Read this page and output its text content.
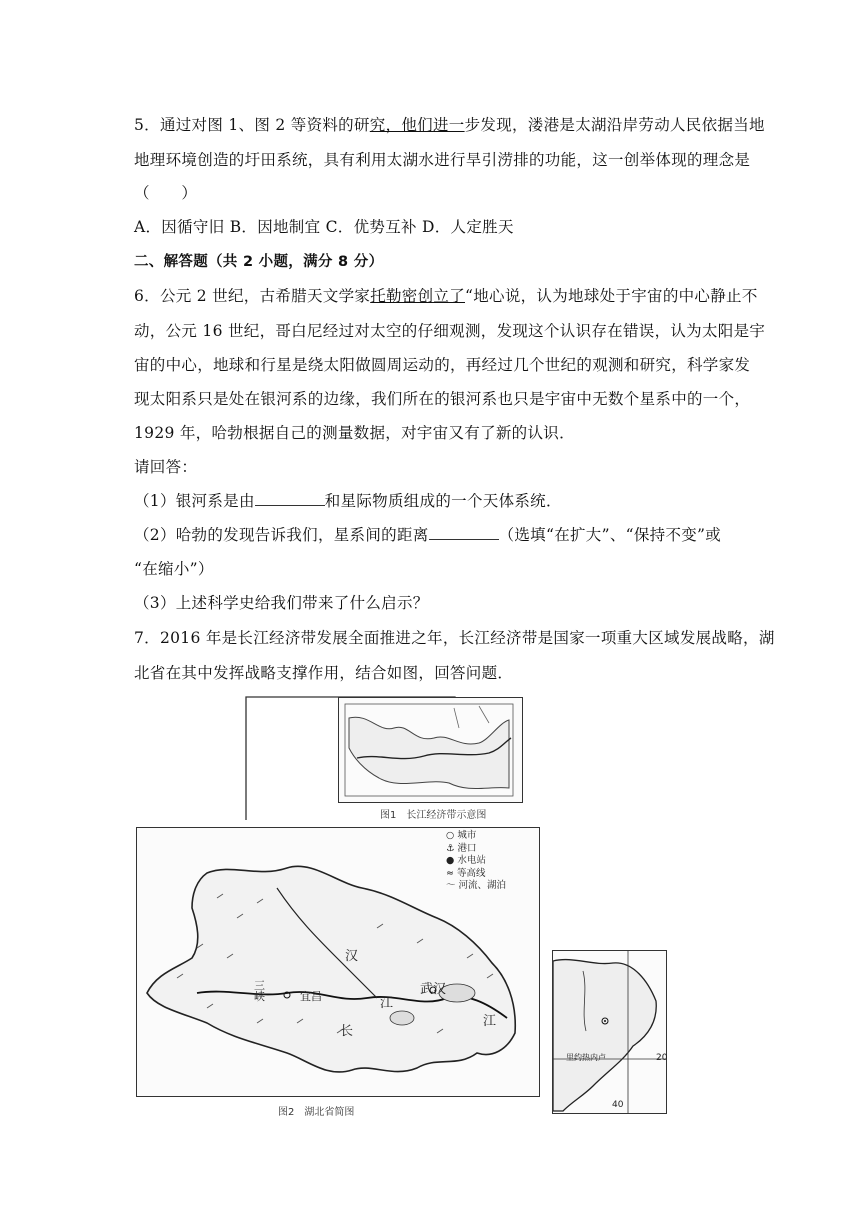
5．通过对图 1、图 2 等资料的研究，他们进一步发现，溇港是太湖沿岸劳动人民依据当地
地理环境创造的圩田系统，具有利用太湖水进行旱引涝排的功能，这一创举体现的理念是
（　　）
A．因循守旧 B．因地制宜 C．优势互补 D．人定胜天
二、解答题（共 2 小题，满分 8 分）
6．公元 2 世纪，古希腊天文学家托勒密创立了“地心说，认为地球处于宇宙的中心静止不
动，公元 16 世纪，哥白尼经过对太空的仔细观测，发现这个认识存在错误，认为太阳是宇
宙的中心，地球和行星是绕太阳做圆周运动的，再经过几个世纪的观测和研究，科学家发
现太阳系只是处在银河系的边缘，我们所在的银河系也只是宇宙中无数个星系中的一个，
1929 年，哈勃根据自己的测量数据，对宇宙又有了新的认识．
请回答：
（1）银河系是由	和星际物质组成的一个天体系统．
（2）哈勃的发现告诉我们，星系间的距离	（选填“在扩大”、“保持不变”或
“在缩小”）
（3）上述科学史给我们带来了什么启示？
7．2016 年是长江经济带发展全面推进之年，长江经济带是国家一项重大区域发展战略，湖
北省在其中发挥战略支撑作用，结合如图，回答问题．
图1　长江经济带示意图
○ 城市
⚓ 港口
● 水电站
≈ 等高线
〜 河流、湖泊
三峡	宜昌
汉
江
武汉
长
江
图2　湖北省简图
里约热内卢	20
40
